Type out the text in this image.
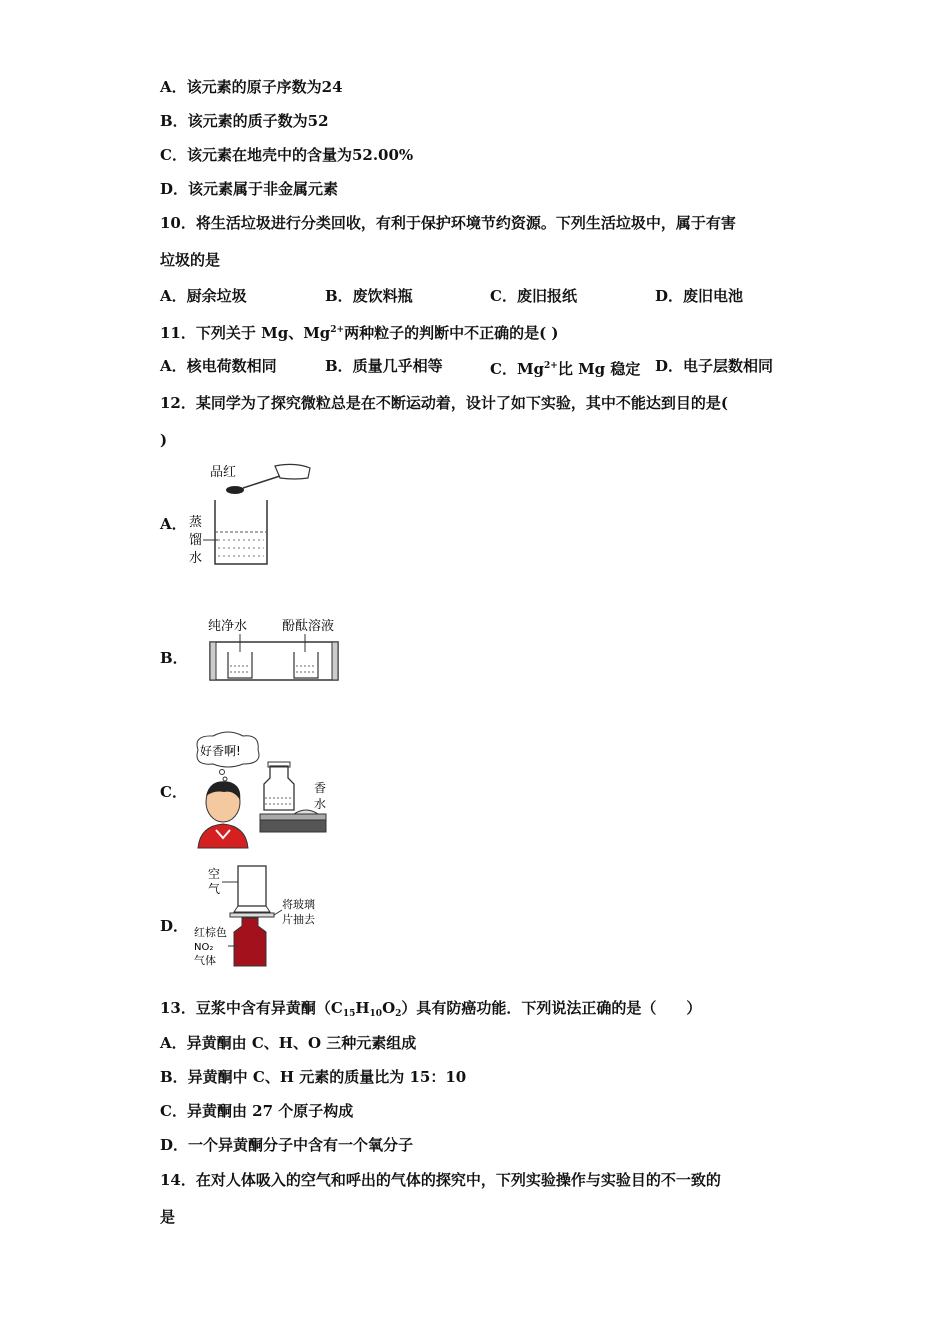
A．该元素的原子序数为24
B．该元素的质子数为52
C．该元素在地壳中的含量为52.00%
D．该元素属于非金属元素
10．将生活垃圾进行分类回收，有利于保护环境节约资源。下列生活垃圾中，属于有害
垃圾的是
A．厨余垃圾	B．废饮料瓶	C．废旧报纸	D．废旧电池
11．下列关于 Mg、$Mg^{2+}$两种粒子的判断中不正确的是( )
A．核电荷数相同	B．质量几乎相等	C．$Mg^{2+}$比 Mg 稳定 D．电子层数相同
12．某同学为了探究微粒总是在不断运动着，设计了如下实验，其中不能达到目的是(
)
A．
品红
蒸
馏
水
B．
纯净水	酚酞溶液
C．
好香啊!
香
水
D．
空
气
将玻璃
片抽去
红棕色
NO₂
气体
13．豆浆中含有异黄酮$(C_{15}H_{10}O_2)$具有防癌功能．下列说法正确的是（　　）
A．异黄酮由 C、H、O 三种元素组成
B．异黄酮中 C、H 元素的质量比为 15：10
C．异黄酮由 27 个原子构成
D．一个异黄酮分子中含有一个氧分子
14．在对人体吸入的空气和呼出的气体的探究中，下列实验操作与实验目的不一致的
是
